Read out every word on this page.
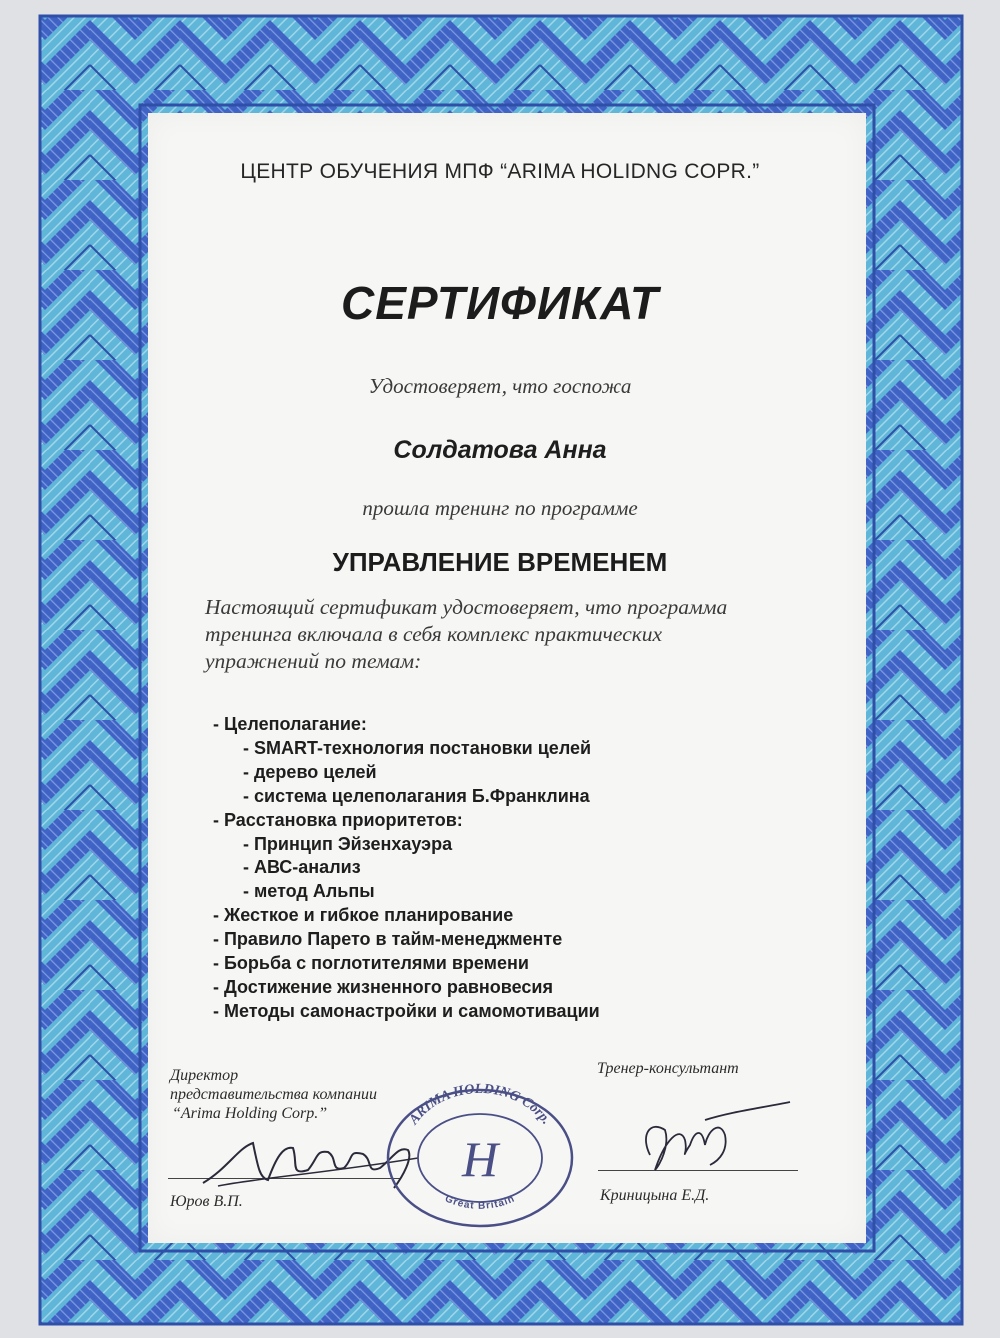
ЦЕНТР ОБУЧЕНИЯ МПФ “ARIMA HOLIDNG COPR.”
СЕРТИФИКАТ
Удостоверяет, что госпожа
Солдатова Анна
прошла тренинг по программе
УПРАВЛЕНИЕ ВРЕМЕНЕМ
Настоящий сертификат удостоверяет, что программа
тренинга включала в себя комплекс практических
упражнений по темам:
- Целеполагание:
- SMART-технология постановки целей
- дерево целей
- система целеполагания Б.Франклина
- Расстановка приоритетов:
- Принцип Эйзенхауэра
- АВС-анализ
- метод Альпы
- Жесткое и гибкое планирование
- Правило Парето в тайм-менеджменте
- Борьба с поглотителями времени
- Достижение жизненного равновесия
- Методы самонастройки и самомотивации
Директор
представительства компании
“Arima Holding Corp.”
Юров В.П.
ARIMA HOLDING Corp.
Great Britain
H
Тренер-консультант
Криницына Е.Д.
